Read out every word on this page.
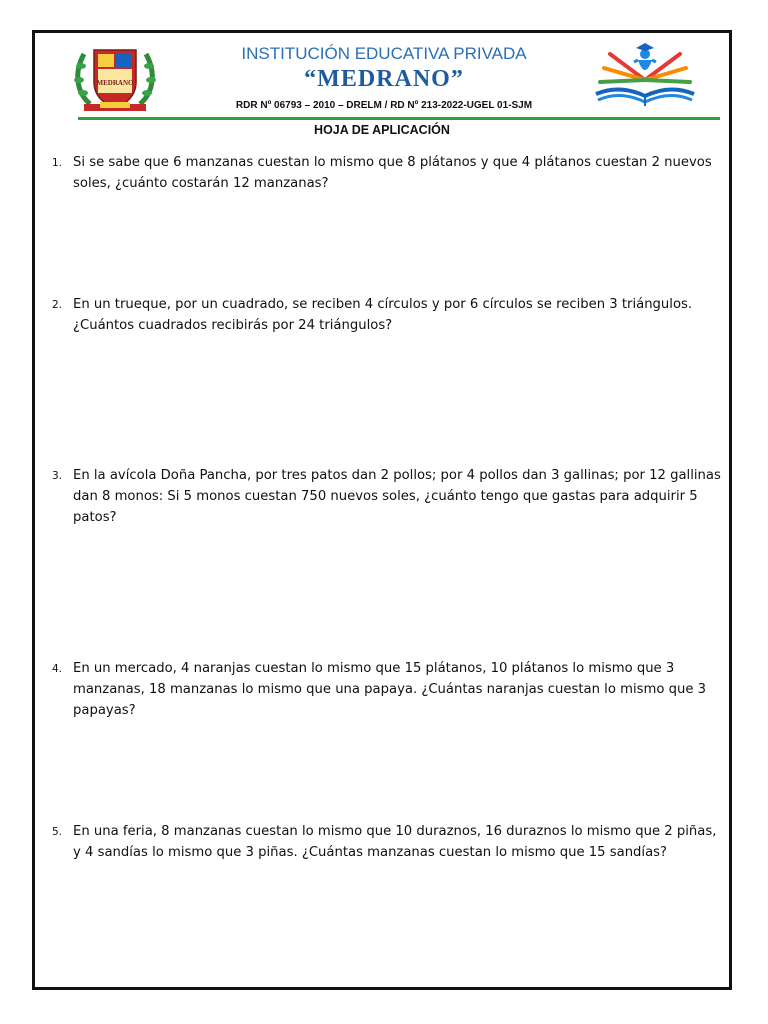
MEDRANO
INSTITUCIÓN EDUCATIVA PRIVADA
“MEDRANO”
RDR Nº 06793 – 2010 – DRELM / RD Nº 213-2022-UGEL 01-SJM
HOJA DE APLICACIÓN
1. Si se sabe que 6 manzanas cuestan lo mismo que 8 plátanos y que 4 plátanos cuestan 2 nuevos soles, ¿cuánto costarán 12 manzanas?
2. En un trueque, por un cuadrado, se reciben 4 círculos y por 6 círculos se reciben 3 triángulos. ¿Cuántos cuadrados recibirás por 24 triángulos?
3. En la avícola Doña Pancha, por tres patos dan 2 pollos; por 4 pollos dan 3 gallinas; por 12 gallinas dan 8 monos: Si 5 monos cuestan 750 nuevos soles, ¿cuánto tengo que gastas para adquirir 5 patos?
4. En un mercado, 4 naranjas cuestan lo mismo que 15 plátanos, 10 plátanos lo mismo que 3 manzanas, 18 manzanas lo mismo que una papaya. ¿Cuántas naranjas cuestan lo mismo que 3 papayas?
5. En una feria, 8 manzanas cuestan lo mismo que 10 duraznos, 16 duraznos lo mismo que 2 piñas, y 4 sandías lo mismo que 3 piñas. ¿Cuántas manzanas cuestan lo mismo que 15 sandías?
